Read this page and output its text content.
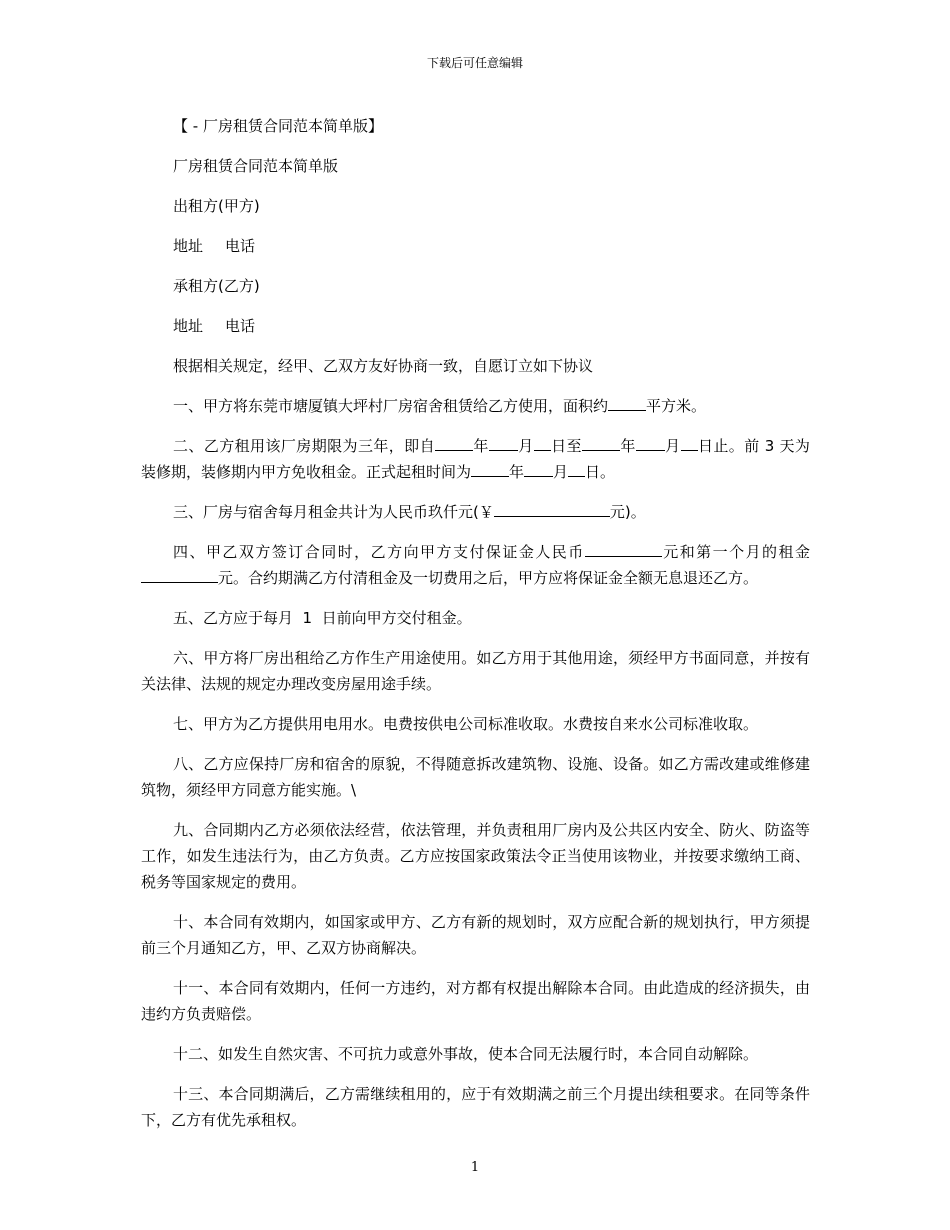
下载后可任意编辑
【 - 厂房租赁合同范本简单版】
厂房租赁合同范本简单版
出租方(甲方)
地址 电话
承租方(乙方)
地址 电话
根据相关规定，经甲、乙双方友好协商一致，自愿订立如下协议

一、甲方将东莞市塘厦镇大坪村厂房宿舍租赁给乙方使用，面积约	平方米。

二、乙方租用该厂房期限为三年，即自	年 月 日至	年 月 日止。前 3 天为装修期，装修期内甲方免收租金。正式起租时间为	年 月 日。

三、厂房与宿舍每月租金共计为人民币玖仟元(￥	元)。

四、甲乙双方签订合同时，乙方向甲方支付保证金人民币	元和第一个月的租金元。合约期满乙方付清租金及一切费用之后，甲方应将保证金全额无息退还乙方。

五、乙方应于每月  1  日前向甲方交付租金。

六、甲方将厂房出租给乙方作生产用途使用。如乙方用于其他用途，须经甲方书面同意，并按有关法律、法规的规定办理改变房屋用途手续。

七、甲方为乙方提供用电用水。电费按供电公司标准收取。水费按自来水公司标准收取。

八、乙方应保持厂房和宿舍的原貌，不得随意拆改建筑物、设施、设备。如乙方需改建或维修建筑物，须经甲方同意方能实施。\

九、合同期内乙方必须依法经营，依法管理，并负责租用厂房内及公共区内安全、防火、防盗等工作，如发生违法行为，由乙方负责。乙方应按国家政策法令正当使用该物业，并按要求缴纳工商、税务等国家规定的费用。

十、本合同有效期内，如国家或甲方、乙方有新的规划时，双方应配合新的规划执行，甲方须提前三个月通知乙方，甲、乙双方协商解决。

十一、本合同有效期内，任何一方违约，对方都有权提出解除本合同。由此造成的经济损失，由违约方负责赔偿。

十二、如发生自然灾害、不可抗力或意外事故，使本合同无法履行时，本合同自动解除。

十三、本合同期满后，乙方需继续租用的，应于有效期满之前三个月提出续租要求。在同等条件下，乙方有优先承租权。

1
